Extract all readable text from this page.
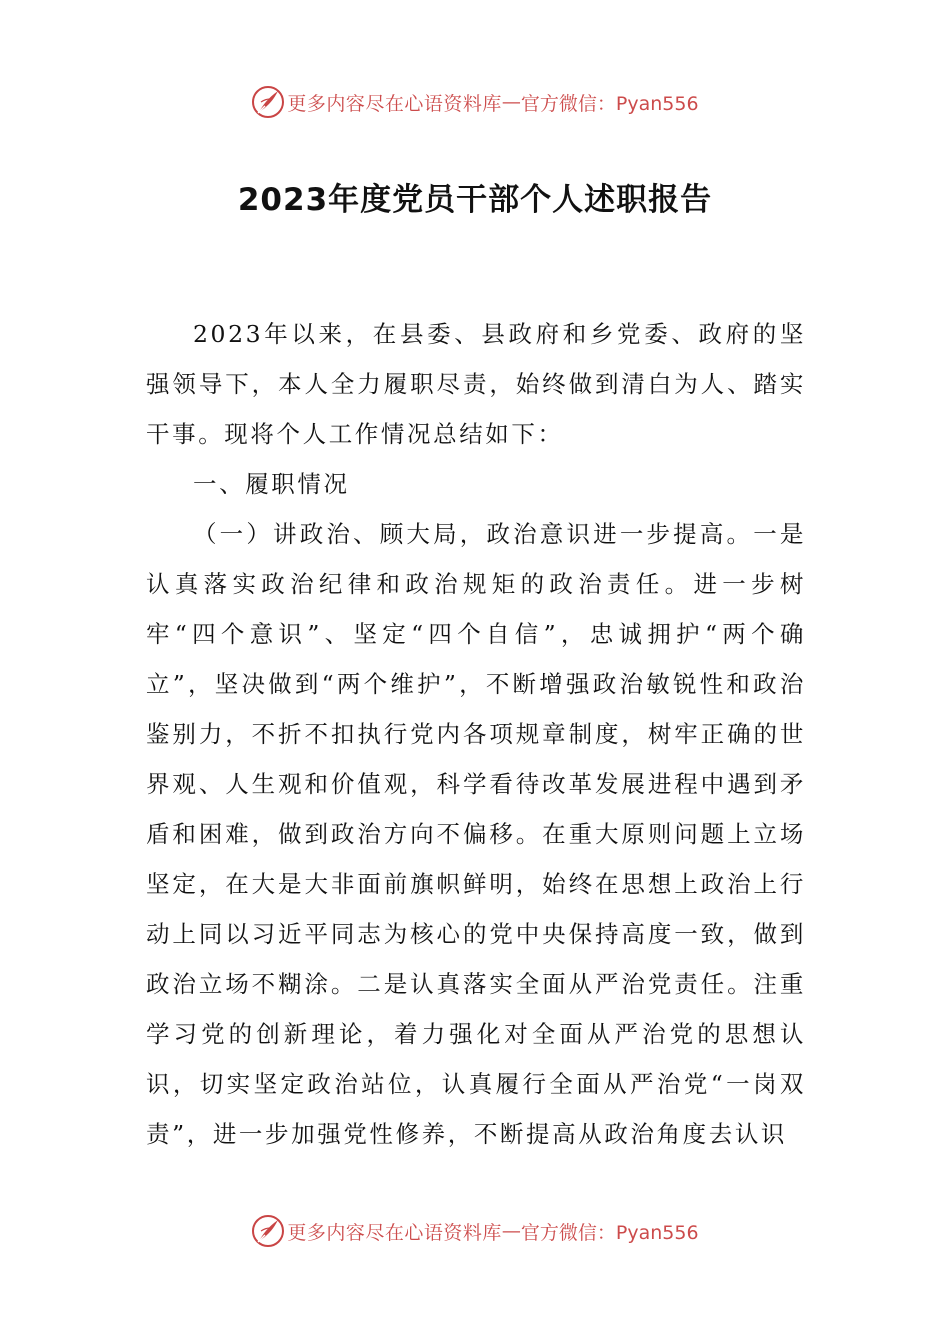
更多内容尽在心语资料库 — 官方微信：Pyan556
2023年度党员干部个人述职报告

2023年以来，在县委、县政府和乡党委、政府的坚强领导下，本人全力履职尽责，始终做到清白为人、踏实干事。现将个人工作情况总结如下：

一、履职情况

（一）讲政治、顾大局，政治意识进一步提高。一是认真落实政治纪律和政治规矩的政治责任。进一步树牢“四个意识”、坚定“四个自信”，忠诚拥护“两个确立”，坚决做到“两个维护”，不断增强政治敏锐性和政治鉴别力，不折不扣执行党内各项规章制度，树牢正确的世界观、人生观和价值观，科学看待改革发展进程中遇到矛盾和困难，做到政治方向不偏移。在重大原则问题上立场坚定，在大是大非面前旗帜鲜明，始终在思想上政治上行动上同以习近平同志为核心的党中央保持高度一致，做到政治立场不糊涂。二是认真落实全面从严治党责任。注重学习党的创新理论，着力强化对全面从严治党的思想认识，切实坚定政治站位，认真履行全面从严治党“一岗双责”，进一步加强党性修养，不断提高从政治角度去认识

更多内容尽在心语资料库 — 官方微信：Pyan556
